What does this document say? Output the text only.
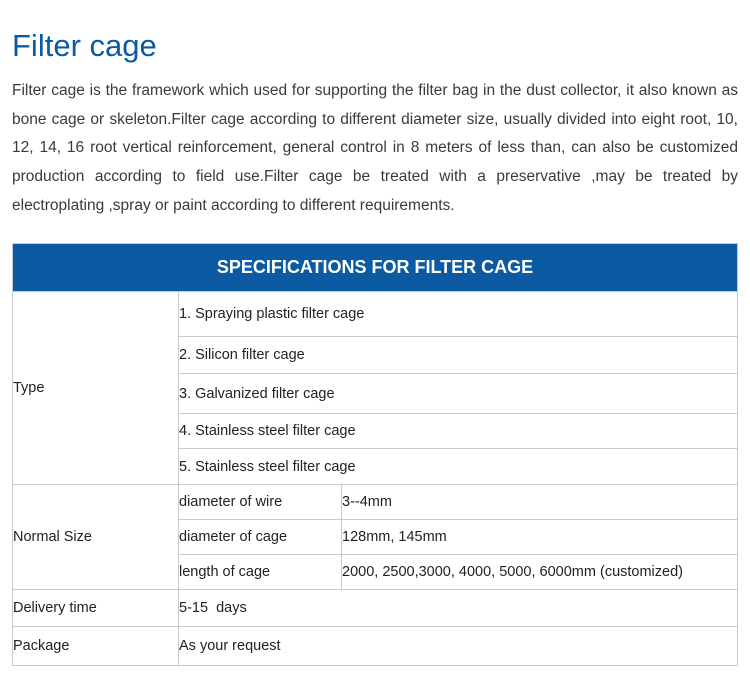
Filter cage

Filter cage is the framework which used for supporting the filter bag in the dust collector, it also known as bone cage or skeleton.Filter cage according to different diameter size, usually divided into eight root, 10, 12, 14, 16 root vertical reinforcement, general control in 8 meters of less than, can also be customized production according to field use.Filter cage be treated with a preservative ,may be treated by electroplating ,spray or paint according to different requirements.

SPECIFICATIONS FOR FILTER CAGE		
Type	1. Spraying plastic filter cage	
	2. Silicon filter cage	
	3. Galvanized filter cage	
	4. Stainless steel filter cage	
	5. Stainless steel filter cage	
Normal Size	diameter of wire	3--4mm
	diameter of cage	128mm, 145mm
	length of cage	2000, 2500,3000, 4000, 5000, 6000mm (customized)
Delivery time	5-15  days	
Package	As your request	
